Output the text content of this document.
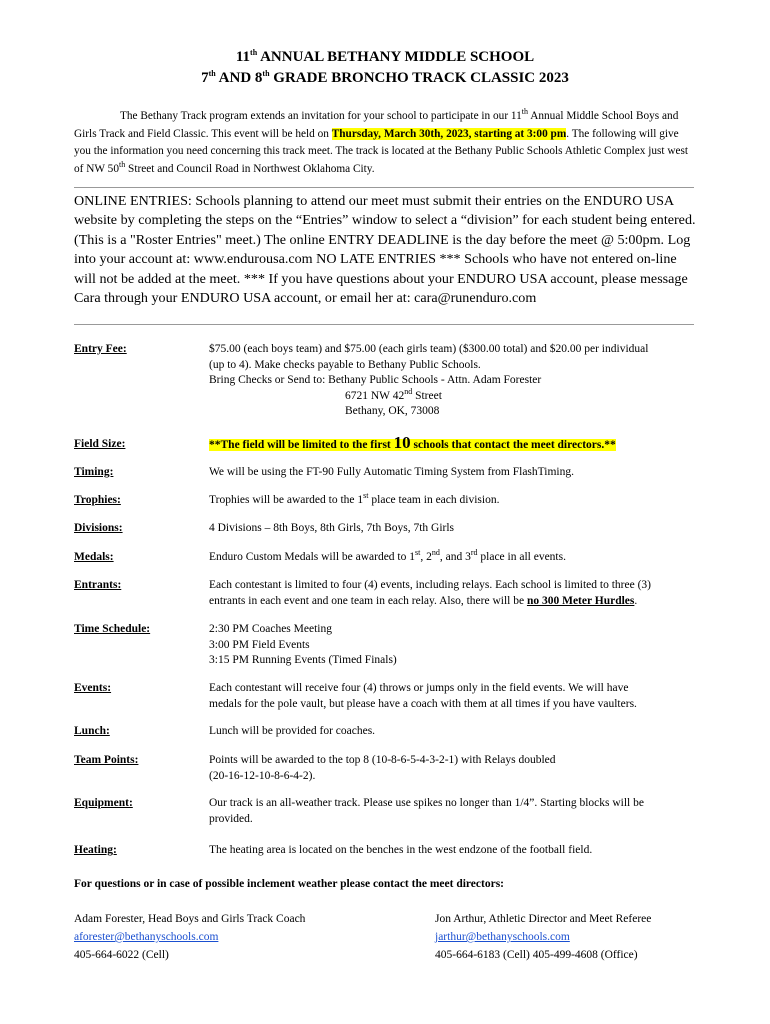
11th ANNUAL BETHANY MIDDLE SCHOOL
7th AND 8th GRADE BRONCHO TRACK CLASSIC 2023
The Bethany Track program extends an invitation for your school to participate in our 11th Annual Middle School Boys and Girls Track and Field Classic. This event will be held on Thursday, March 30th, 2023, starting at 3:00 pm. The following will give you the information you need concerning this track meet. The track is located at the Bethany Public Schools Athletic Complex just west of NW 50th Street and Council Road in Northwest Oklahoma City.
ONLINE ENTRIES: Schools planning to attend our meet must submit their entries on the ENDURO USA website by completing the steps on the “Entries” window to select a “division” for each student being entered. (This is a "Roster Entries" meet.) The online ENTRY DEADLINE is the day before the meet @ 5:00pm. Log into your account at: www.endurousa.com NO LATE ENTRIES *** Schools who have not entered on-line will not be added at the meet. *** If you have questions about your ENDURO USA account, please message Cara through your ENDURO USA account, or email her at: cara@runenduro.com
Entry Fee:	$75.00 (each boys team) and $75.00 (each girls team) ($300.00 total) and $20.00 per individual
(up to 4). Make checks payable to Bethany Public Schools.
Bring Checks or Send to: Bethany Public Schools - Attn. Adam Forester
6721 NW 42nd Street
Bethany, OK, 73008
Field Size:	**The field will be limited to the first 10 schools that contact the meet directors.**
Timing:	We will be using the FT-90 Fully Automatic Timing System from FlashTiming.
Trophies:	Trophies will be awarded to the 1st place team in each division.
Divisions:	4 Divisions – 8th Boys, 8th Girls, 7th Boys, 7th Girls
Medals:	Enduro Custom Medals will be awarded to 1st, 2nd, and 3rd place in all events.
Entrants:	Each contestant is limited to four (4) events, including relays. Each school is limited to three (3)
entrants in each event and one team in each relay. Also, there will be no 300 Meter Hurdles.
Time Schedule:	2:30 PM Coaches Meeting
3:00 PM Field Events
3:15 PM Running Events (Timed Finals)
Events:	Each contestant will receive four (4) throws or jumps only in the field events. We will have
medals for the pole vault, but please have a coach with them at all times if you have vaulters.
Lunch:	Lunch will be provided for coaches.
Team Points:	Points will be awarded to the top 8 (10-8-6-5-4-3-2-1) with Relays doubled
(20-16-12-10-8-6-4-2).
Equipment:	Our track is an all-weather track. Please use spikes no longer than 1/4”. Starting blocks will be
provided.
Heating:	The heating area is located on the benches in the west endzone of the football field.
For questions or in case of possible inclement weather please contact the meet directors:
Adam Forester, Head Boys and Girls Track Coach
aforester@bethanyschools.com
405-664-6022 (Cell)
Jon Arthur, Athletic Director and Meet Referee
jarthur@bethanyschools.com
405-664-6183 (Cell) 405-499-4608 (Office)
